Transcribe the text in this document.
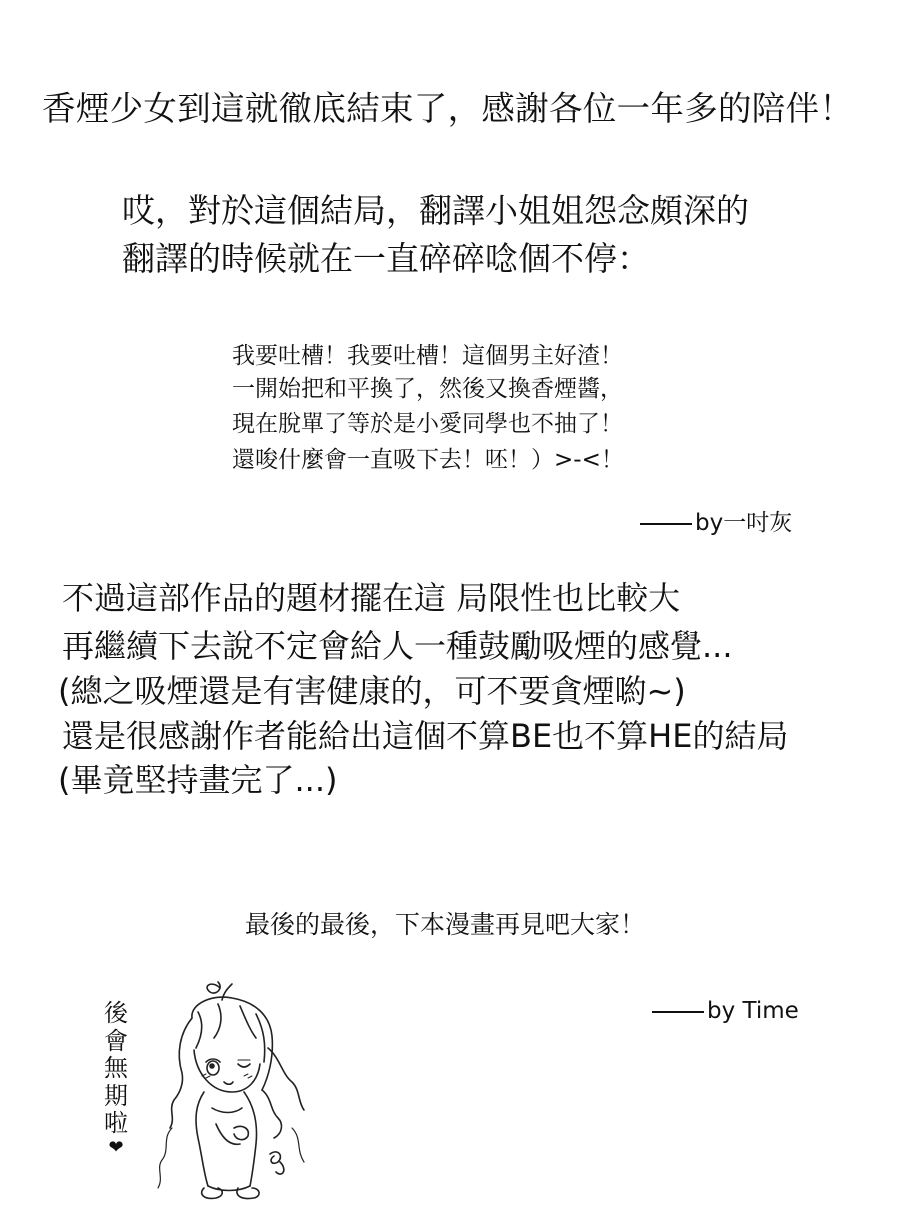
香煙少女到這就徹底結束了，感謝各位一年多的陪伴！
哎，對於這個結局，翻譯小姐姐怨念頗深的
翻譯的時候就在一直碎碎唸個不停：
我要吐槽！我要吐槽！這個男主好渣！
一開始把和平換了，然後又換香煙醬，
現在脫單了等於是小愛同學也不抽了！
還唆什麼會一直吸下去！呸！）>-<！
by一吋灰
不過這部作品的題材擺在這 局限性也比較大
再繼續下去說不定會給人一種鼓勵吸煙的感覺...
(總之吸煙還是有害健康的，可不要貪煙喲~)
還是很感謝作者能給出這個不算BE也不算HE的結局
(畢竟堅持畫完了...)
最後的最後，下本漫畫再見吧大家！
by Time
後
會
無
期
啦
❤
